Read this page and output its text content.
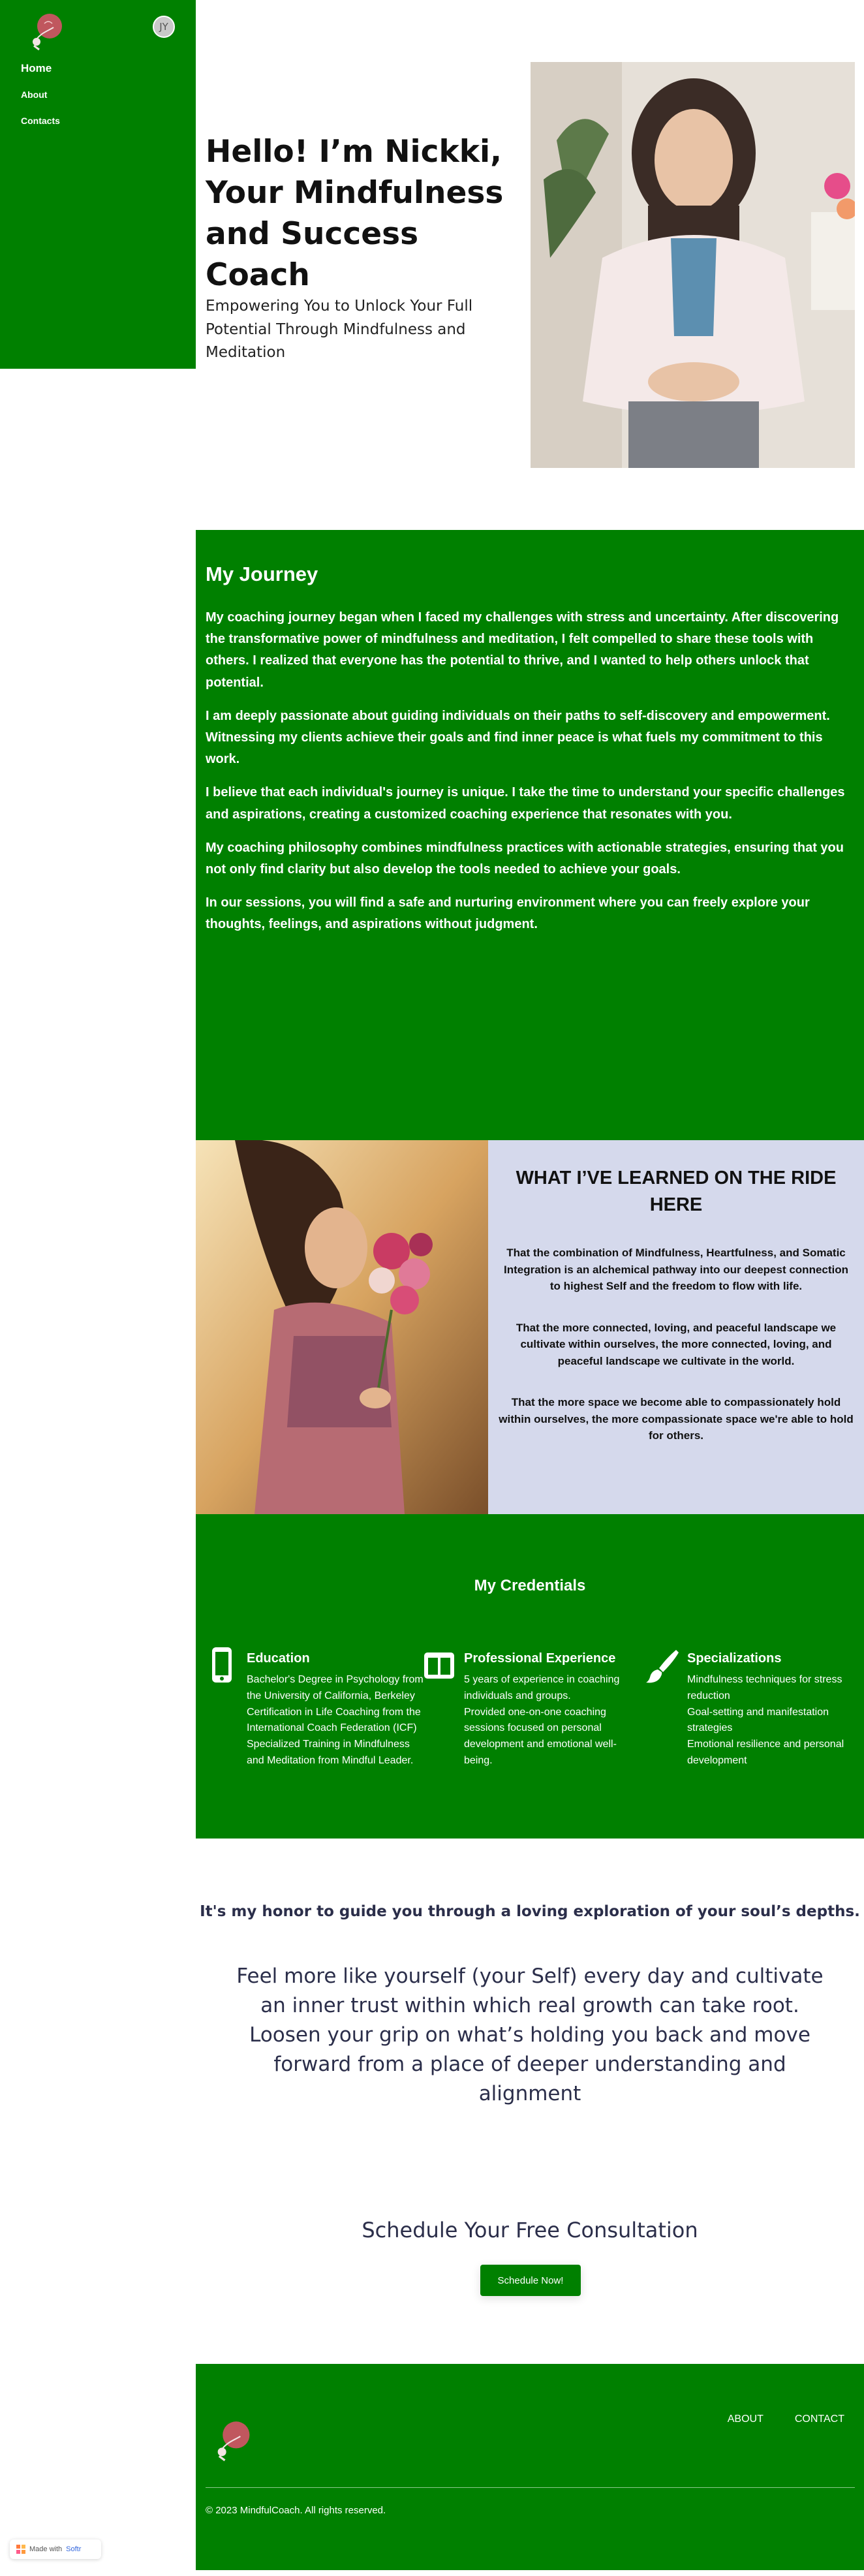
JY
Home
About
Contacts
Hello! I’m Nickki, Your Mindfulness and Success Coach

Empowering You to Unlock Your Full Potential Through Mindfulness and Meditation

My Journey

My coaching journey began when I faced my challenges with stress and uncertainty. After discovering the transformative power of mindfulness and meditation, I felt compelled to share these tools with others. I realized that everyone has the potential to thrive, and I wanted to help others unlock that potential.

I am deeply passionate about guiding individuals on their paths to self-discovery and empowerment. Witnessing my clients achieve their goals and find inner peace is what fuels my commitment to this work.

I believe that each individual's journey is unique. I take the time to understand your specific challenges and aspirations, creating a customized coaching experience that resonates with you.

My coaching philosophy combines mindfulness practices with actionable strategies, ensuring that you not only find clarity but also develop the tools needed to achieve your goals.

In our sessions, you will find a safe and nurturing environment where you can freely explore your thoughts, feelings, and aspirations without judgment.

WHAT I’VE LEARNED ON THE RIDE HERE

That the combination of Mindfulness, Heartfulness, and Somatic Integration is an alchemical pathway into our deepest connection to highest Self and the freedom to flow with life.

That the more connected, loving, and peaceful landscape we cultivate within ourselves, the more connected, loving, and peaceful landscape we cultivate in the world.

That the more space we become able to compassionately hold within ourselves, the more compassionate space we're able to hold for others.

My Credentials
Education
Bachelor's Degree in Psychology from the University of California, Berkeley Certification in Life Coaching from the International Coach Federation (ICF) Specialized Training in Mindfulness and Meditation from Mindful Leader.
Professional Experience
5 years of experience in coaching individuals and groups.
Provided one-on-one coaching sessions focused on personal development and emotional well-being.
Specializations
Mindfulness techniques for stress reduction
Goal-setting and manifestation strategies
Emotional resilience and personal development

It's my honor to guide you through a loving exploration of your soul’s depths.

Feel more like yourself (your Self) every day and cultivate an inner trust within which real growth can take root. Loosen your grip on what’s holding you back and move forward from a place of deeper understanding and alignment

Schedule Your Free Consultation
Schedule Now!
ABOUT	CONTACT

© 2023 MindfulCoach. All rights reserved.

Made with Softr
